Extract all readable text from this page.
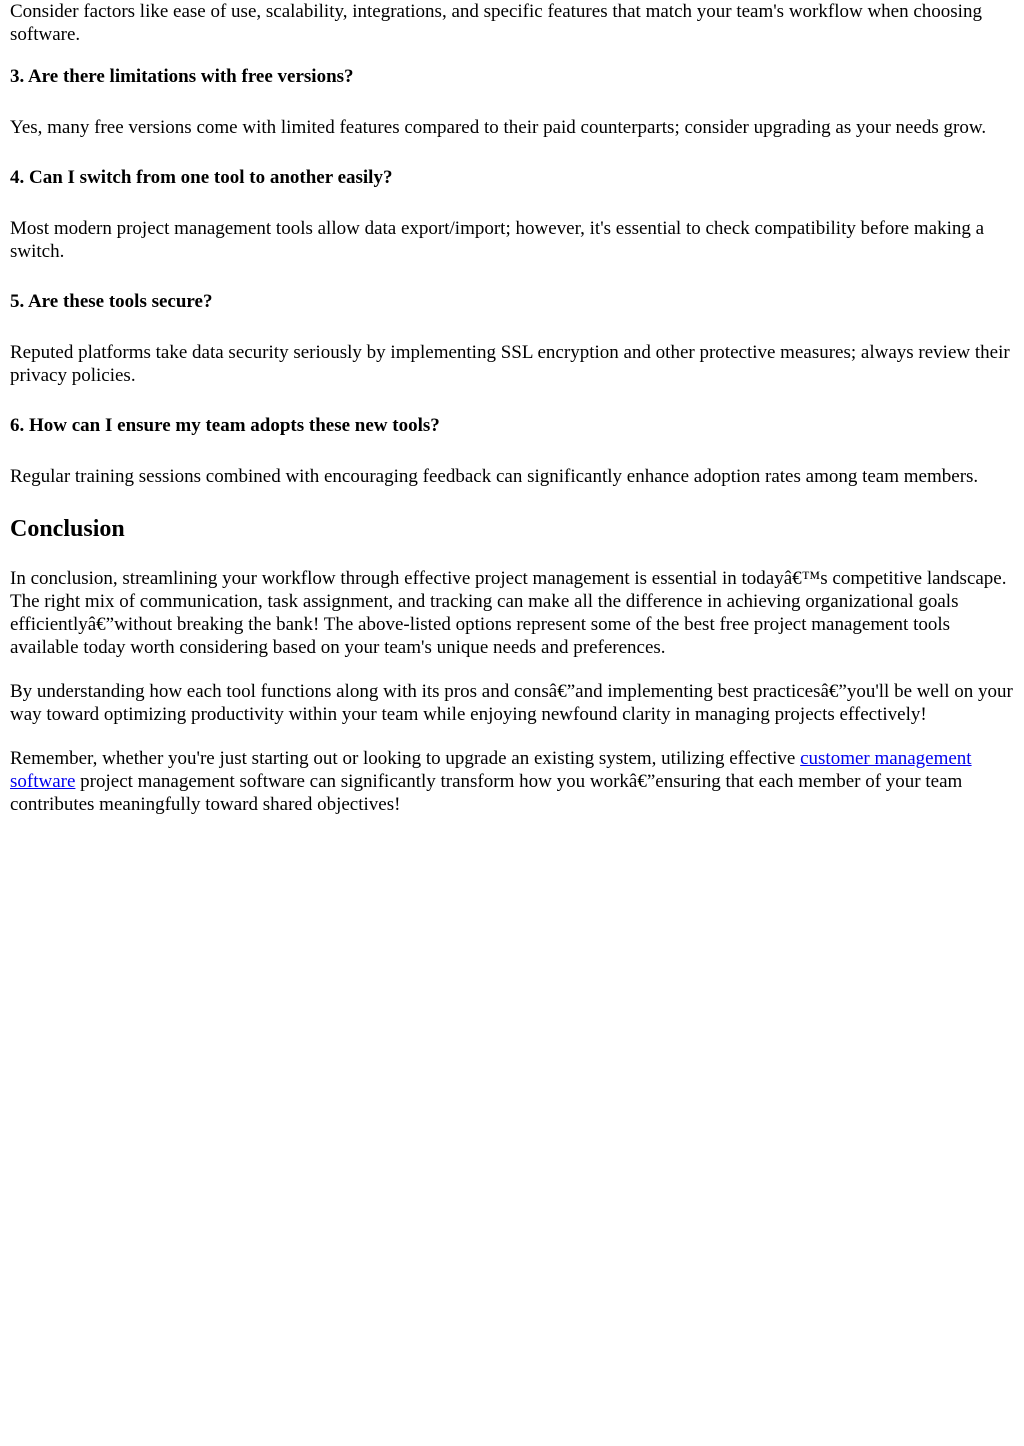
Consider factors like ease of use, scalability, integrations, and specific features that match your team's workflow when choosing software.

3. Are there limitations with free versions?

Yes, many free versions come with limited features compared to their paid counterparts; consider upgrading as your needs grow.

4. Can I switch from one tool to another easily?

Most modern project management tools allow data export/import; however, it's essential to check compatibility before making a switch.

5. Are these tools secure?

Reputed platforms take data security seriously by implementing SSL encryption and other protective measures; always review their privacy policies.

6. How can I ensure my team adopts these new tools?

Regular training sessions combined with encouraging feedback can significantly enhance adoption rates among team members.

Conclusion

In conclusion, streamlining your workflow through effective project management is essential in todayâ€™s competitive landscape. The right mix of communication, task assignment, and tracking can make all the difference in achieving organizational goals efficientlyâ€”without breaking the bank! The above-listed options represent some of the best free project management tools available today worth considering based on your team's unique needs and preferences.

By understanding how each tool functions along with its pros and consâ€”and implementing best practicesâ€”you'll be well on your way toward optimizing productivity within your team while enjoying newfound clarity in managing projects effectively!

Remember, whether you're just starting out or looking to upgrade an existing system, utilizing effective customer management software project management software can significantly transform how you workâ€”ensuring that each member of your team contributes meaningfully toward shared objectives!
